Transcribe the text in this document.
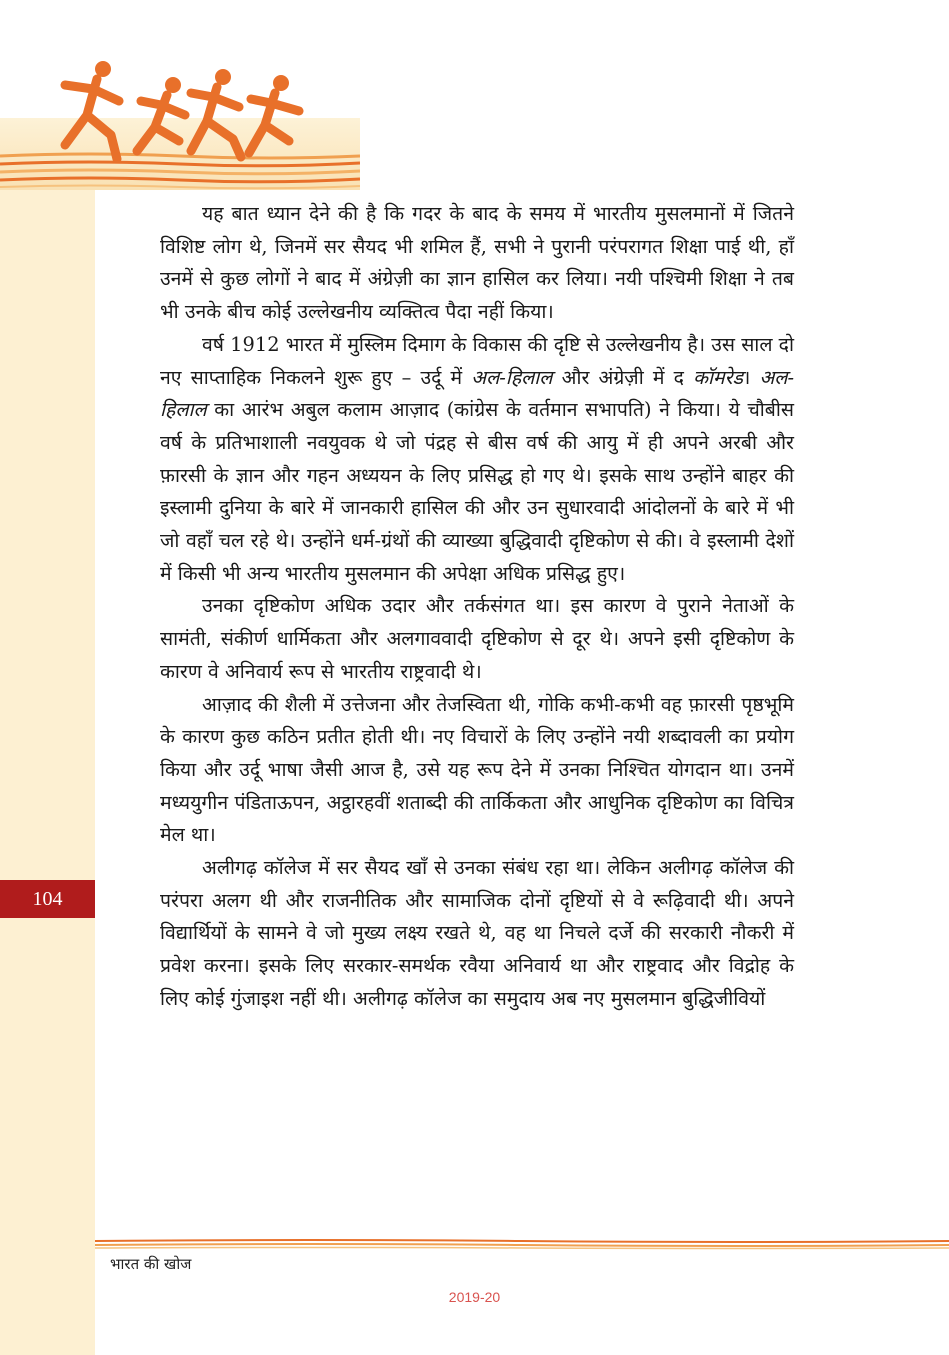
104

यह बात ध्यान देने की है कि गदर के बाद के समय में भारतीय मुसलमानों में जितने विशिष्ट लोग थे, जिनमें सर सैयद भी शमिल हैं, सभी ने पुरानी परंपरागत शिक्षा पाई थी, हाँ उनमें से कुछ लोगों ने बाद में अंग्रेज़ी का ज्ञान हासिल कर लिया। नयी पश्चिमी शिक्षा ने तब भी उनके बीच कोई उल्लेखनीय व्यक्तित्व पैदा नहीं किया।

वर्ष 1912 भारत में मुस्लिम दिमाग के विकास की दृष्टि से उल्लेखनीय है। उस साल दो नए साप्ताहिक निकलने शुरू हुए – उर्दू में अल-हिलाल और अंग्रेज़ी में द कॉमरेड। अल-हिलाल का आरंभ अबुल कलाम आज़ाद (कांग्रेस के वर्तमान सभापति) ने किया। ये चौबीस वर्ष के प्रतिभाशाली नवयुवक थे जो पंद्रह से बीस वर्ष की आयु में ही अपने अरबी और फ़ारसी के ज्ञान और गहन अध्ययन के लिए प्रसिद्ध हो गए थे। इसके साथ उन्होंने बाहर की इस्लामी दुनिया के बारे में जानकारी हासिल की और उन सुधारवादी आंदोलनों के बारे में भी जो वहाँ चल रहे थे। उन्होंने धर्म-ग्रंथों की व्याख्या बुद्धिवादी दृष्टिकोण से की। वे इस्लामी देशों में किसी भी अन्य भारतीय मुसलमान की अपेक्षा अधिक प्रसिद्ध हुए।

उनका दृष्टिकोण अधिक उदार और तर्कसंगत था। इस कारण वे पुराने नेताओं के सामंती, संकीर्ण धार्मिकता और अलगाववादी दृष्टिकोण से दूर थे। अपने इसी दृष्टिकोण के कारण वे अनिवार्य रूप से भारतीय राष्ट्रवादी थे।

आज़ाद की शैली में उत्तेजना और तेजस्विता थी, गोकि कभी-कभी वह फ़ारसी पृष्ठभूमि के कारण कुछ कठिन प्रतीत होती थी। नए विचारों के लिए उन्होंने नयी शब्दावली का प्रयोग किया और उर्दू भाषा जैसी आज है, उसे यह रूप देने में उनका निश्चित योगदान था। उनमें मध्ययुगीन पंडिताऊपन, अट्ठारहवीं शताब्दी की तार्किकता और आधुनिक दृष्टिकोण का विचित्र मेल था।

अलीगढ़ कॉलेज में सर सैयद खाँ से उनका संबंध रहा था। लेकिन अलीगढ़ कॉलेज की परंपरा अलग थी और राजनीतिक और सामाजिक दोनों दृष्टियों से वे रूढ़िवादी थी। अपने विद्यार्थियों के सामने वे जो मुख्य लक्ष्य रखते थे, वह था निचले दर्जे की सरकारी नौकरी में प्रवेश करना। इसके लिए सरकार-समर्थक रवैया अनिवार्य था और राष्ट्रवाद और विद्रोह के लिए कोई गुंजाइश नहीं थी। अलीगढ़ कॉलेज का समुदाय अब नए मुसलमान बुद्धिजीवियों

भारत की खोज
2019-20
